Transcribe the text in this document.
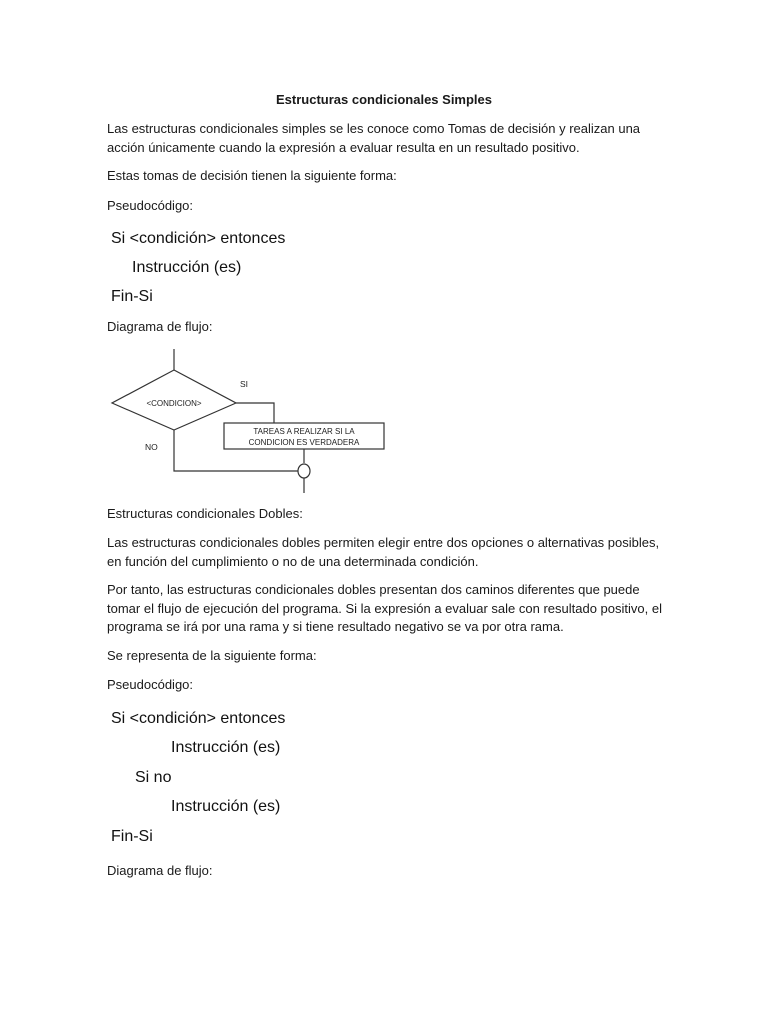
Estructuras condicionales Simples

Las estructuras condicionales simples se les conoce como Tomas de decisión y realizan una acción únicamente cuando la expresión a evaluar resulta en un resultado positivo.

Estas tomas de decisión tienen la siguiente forma:

Pseudocódigo:

Si <condición> entonces
Instrucción (es)
Fin-Si

Diagrama de flujo:

<CONDICION>
SI
NO
TAREAS A REALIZAR SI LA
CONDICION ES VERDADERA

Estructuras condicionales Dobles:

Las estructuras condicionales dobles permiten elegir entre dos opciones o alternativas posibles, en función del cumplimiento o no de una determinada condición.

Por tanto, las estructuras condicionales dobles presentan dos caminos diferentes que puede tomar el flujo de ejecución del programa. Si la expresión a evaluar sale con resultado positivo, el programa se irá por una rama y si tiene resultado negativo se va por otra rama.

Se representa de la siguiente forma:

Pseudocódigo:

Si <condición> entonces
Instrucción (es)
Si no
Instrucción (es)
Fin-Si

Diagrama de flujo:
